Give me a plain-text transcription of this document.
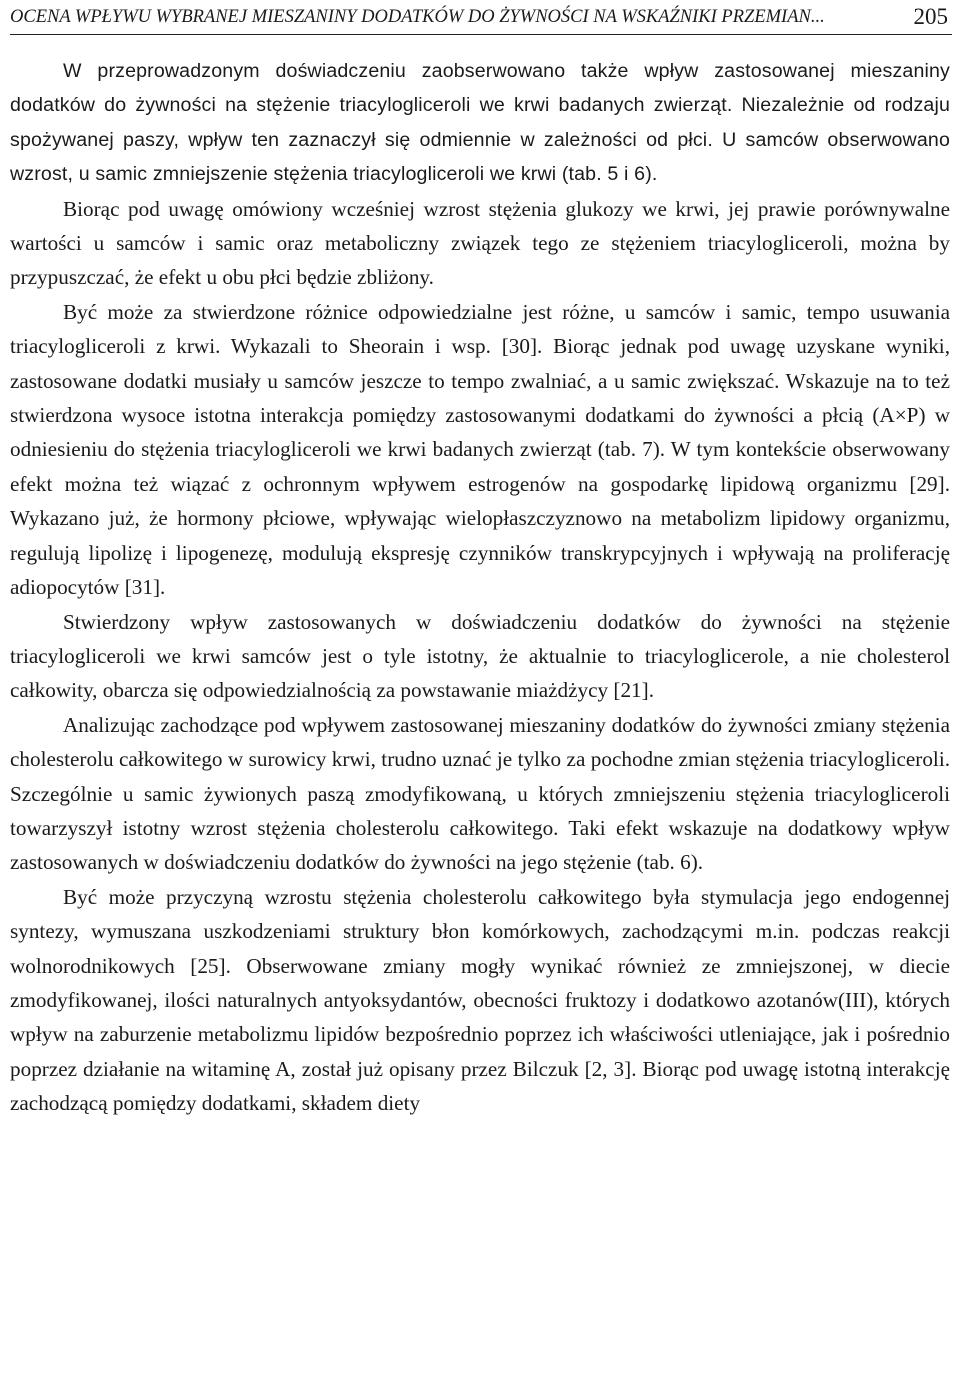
OCENA WPŁYWU WYBRANEJ MIESZANINY DODATKÓW DO ŻYWNOŚCI NA WSKAŹNIKI PRZEMIAN...	205

W przeprowadzonym doświadczeniu zaobserwowano także wpływ zastosowanej mieszaniny dodatków do żywności na stężenie triacylogliceroli we krwi badanych zwierząt. Niezależnie od rodzaju spożywanej paszy, wpływ ten zaznaczył się odmiennie w zależności od płci. U samców obserwowano wzrost, u samic zmniejszenie stężenia triacylogliceroli we krwi (tab. 5 i 6).

Biorąc pod uwagę omówiony wcześniej wzrost stężenia glukozy we krwi, jej prawie porównywalne wartości u samców i samic oraz metaboliczny związek tego ze stężeniem triacylogliceroli, można by przypuszczać, że efekt u obu płci będzie zbliżony.

Być może za stwierdzone różnice odpowiedzialne jest różne, u samców i samic, tempo usuwania triacylogliceroli z krwi. Wykazali to Sheorain i wsp. [30]. Biorąc jednak pod uwagę uzyskane wyniki, zastosowane dodatki musiały u samców jeszcze to tempo zwalniać, a u samic zwiększać. Wskazuje na to też stwierdzona wysoce istotna interakcja pomiędzy zastosowanymi dodatkami do żywności a płcią (A×P) w odniesieniu do stężenia triacylogliceroli we krwi badanych zwierząt (tab. 7). W tym kontekście obserwowany efekt można też wiązać z ochronnym wpływem estrogenów na gospodarkę lipidową organizmu [29]. Wykazano już, że hormony płciowe, wpływając wielopłaszczyznowo na metabolizm lipidowy organizmu, regulują lipolizę i lipogenezę, modulują ekspresję czynników transkrypcyjnych i wpływają na proliferację adiopocytów [31].

Stwierdzony wpływ zastosowanych w doświadczeniu dodatków do żywności na stężenie triacylogliceroli we krwi samców jest o tyle istotny, że aktualnie to triacyloglicerole, a nie cholesterol całkowity, obarcza się odpowiedzialnością za powstawanie miażdżycy [21].

Analizując zachodzące pod wpływem zastosowanej mieszaniny dodatków do żywności zmiany stężenia cholesterolu całkowitego w surowicy krwi, trudno uznać je tylko za pochodne zmian stężenia triacylogliceroli. Szczególnie u samic żywionych paszą zmodyfikowaną, u których zmniejszeniu stężenia triacylogliceroli towarzyszył istotny wzrost stężenia cholesterolu całkowitego. Taki efekt wskazuje na dodatkowy wpływ zastosowanych w doświadczeniu dodatków do żywności na jego stężenie (tab. 6).

Być może przyczyną wzrostu stężenia cholesterolu całkowitego była stymulacja jego endogennej syntezy, wymuszana uszkodzeniami struktury błon komórkowych, zachodzącymi m.in. podczas reakcji wolnorodnikowych [25]. Obserwowane zmiany mogły wynikać również ze zmniejszonej, w diecie zmodyfikowanej, ilości naturalnych antyoksydantów, obecności fruktozy i dodatkowo azotanów(III), których wpływ na zaburzenie metabolizmu lipidów bezpośrednio poprzez ich właściwości utleniające, jak i pośrednio poprzez działanie na witaminę A, został już opisany przez Bilczuk [2, 3]. Biorąc pod uwagę istotną interakcję zachodzącą pomiędzy dodatkami, składem diety
